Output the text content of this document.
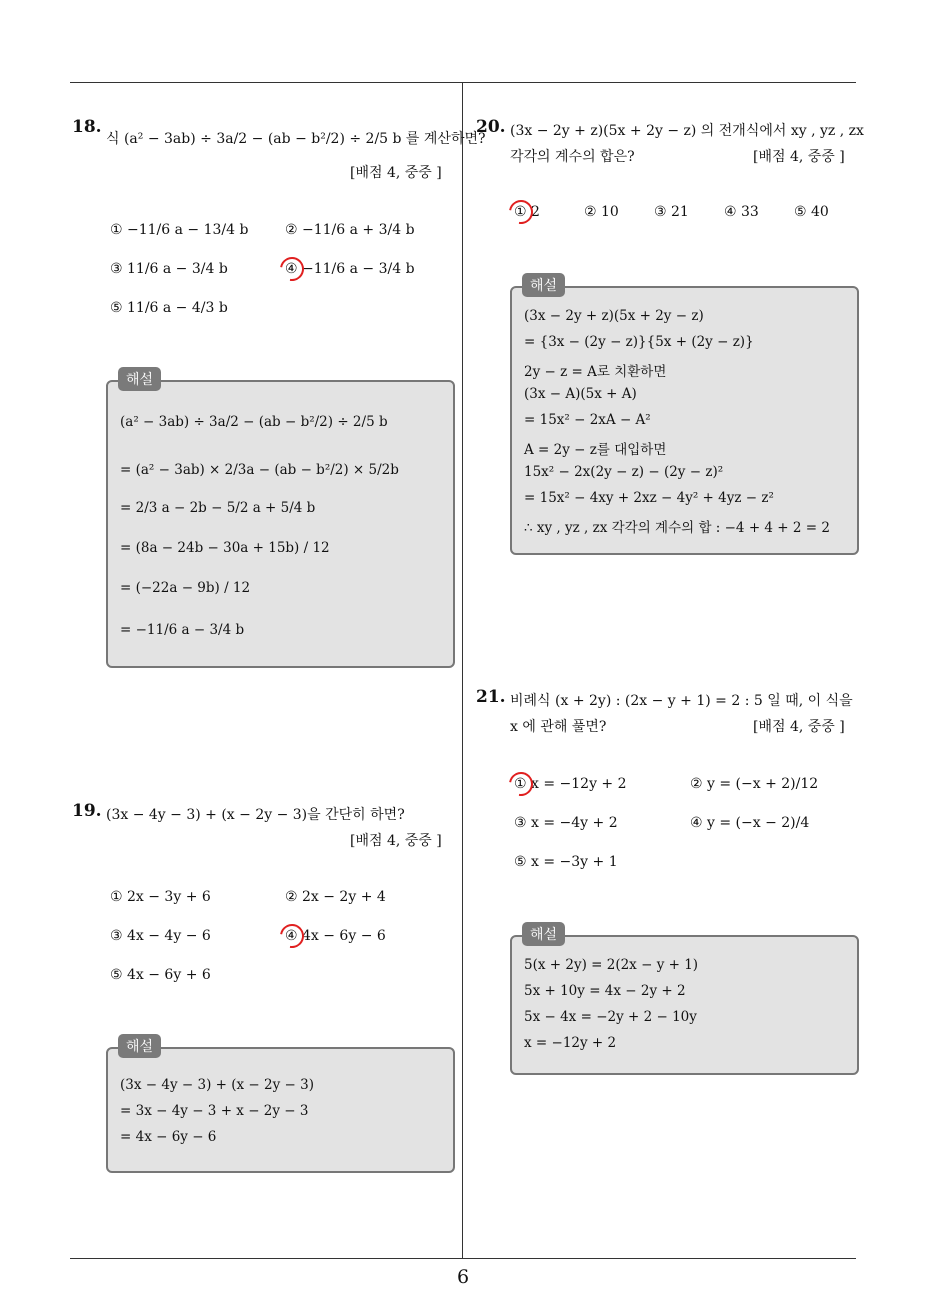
18.
식 (a² − 3ab) ÷ 3a/2 − (ab − b²/2) ÷ 2/5 b 를 계산하면?
[배점 4, 중중 ]
① −11/6 a − 13/4 b	② −11/6 a + 3/4 b
③ 11/6 a − 3/4 b	④ −11/6 a − 3/4 b
⑤ 11/6 a − 4/3 b
(a² − 3ab) ÷ 3a/2 − (ab − b²/2) ÷ 2/5 b
= (a² − 3ab) × 2/3a − (ab − b²/2) × 5/2b
= 2/3 a − 2b − 5/2 a + 5/4 b
= (8a − 24b − 30a + 15b) / 12
= (−22a − 9b) / 12
= −11/6 a − 3/4 b
해설
19. (3x − 4y − 3) + (x − 2y − 3)을 간단히 하면?
[배점 4, 중중 ]
① 2x − 3y + 6	② 2x − 2y + 4
③ 4x − 4y − 6	④ 4x − 6y − 6
⑤ 4x − 6y + 6
(3x − 4y − 3) + (x − 2y − 3)
= 3x − 4y − 3 + x − 2y − 3
= 4x − 6y − 6
해설
20. (3x − 2y + z)(5x + 2y − z) 의 전개식에서 xy , yz , zx
각각의 계수의 합은?	[배점 4, 중중 ]
① 2	② 10	③ 21	④ 33	⑤ 40
(3x − 2y + z)(5x + 2y − z)
= {3x − (2y − z)}{5x + (2y − z)}
2y − z = A로 치환하면
(3x − A)(5x + A)
= 15x² − 2xA − A²
A = 2y − z를 대입하면
15x² − 2x(2y − z) − (2y − z)²
= 15x² − 4xy + 2xz − 4y² + 4yz − z²
∴ xy , yz , zx 각각의 계수의 합 : −4 + 4 + 2 = 2
해설
21. 비례식 (x + 2y) : (2x − y + 1) = 2 : 5 일 때, 이 식을
x 에 관해 풀면?	[배점 4, 중중 ]
① x = −12y + 2	② y = (−x + 2)/12
③ x = −4y + 2	④ y = (−x − 2)/4
⑤ x = −3y + 1
5(x + 2y) = 2(2x − y + 1)
5x + 10y = 4x − 2y + 2
5x − 4x = −2y + 2 − 10y
x = −12y + 2
해설
6
